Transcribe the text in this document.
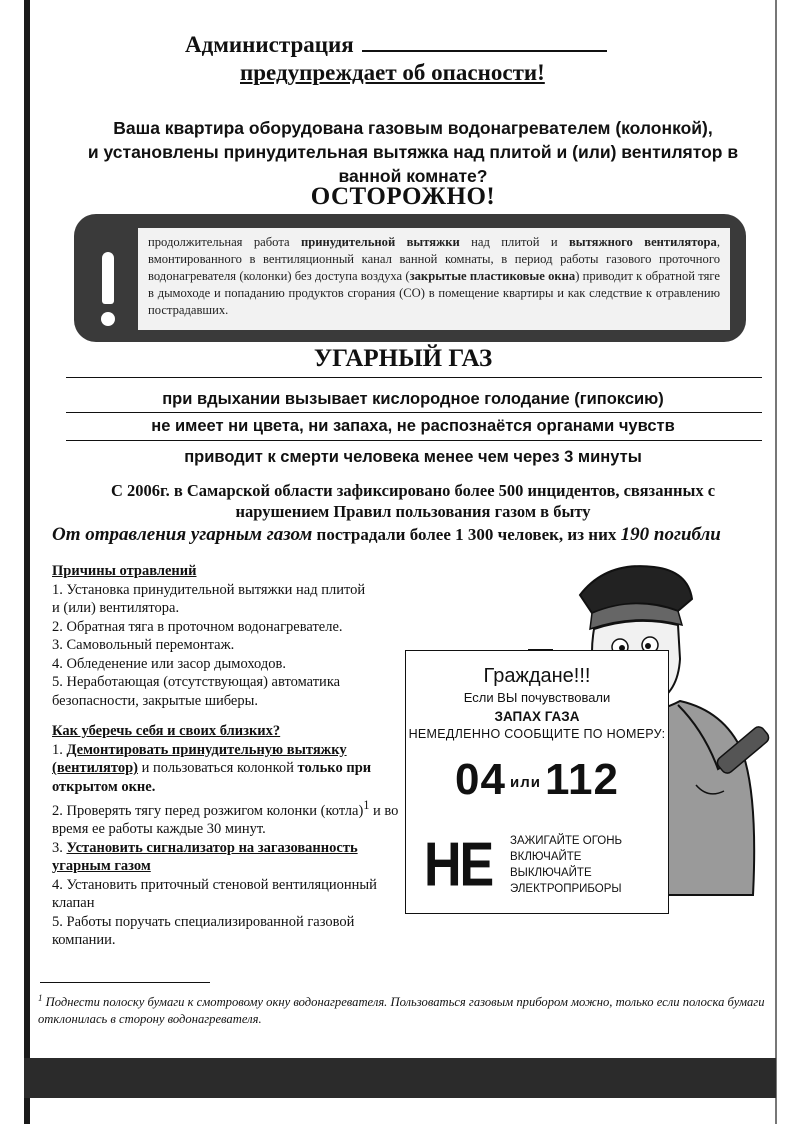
Администрация
предупреждает об опасности!
Ваша квартира оборудована газовым водонагревателем (колонкой),
и установлены принудительная вытяжка над плитой и (или) вентилятор в
ванной комнате?
ОСТОРОЖНО!
продолжительная работа принудительной вытяжки над плитой и вытяжного вентилятора, вмонтированного в вентиляционный канал ванной комнаты, в период работы газового проточного водонагревателя (колонки) без доступа воздуха (закрытые пластиковые окна) приводит к обратной тяге в дымоходе и попаданию продуктов сгорания (СО) в помещение квартиры и как следствие к отравлению пострадавших.
УГАРНЫЙ ГАЗ
при вдыхании вызывает кислородное голодание (гипоксию)
не имеет ни цвета, ни запаха, не распознаётся органами чувств
приводит к смерти человека менее чем через 3 минуты
С 2006г. в Самарской области зафиксировано более 500 инцидентов, связанных с
нарушением Правил пользования газом в быту
От отравления угарным газом пострадали более 1 300 человек, из них 190 погибли
Причины отравлений
1. Установка принудительной вытяжки над плитой
и (или) вентилятора.
2. Обратная тяга в проточном водонагревателе.
3. Самовольный перемонтаж.
4. Обледенение или засор дымоходов.
5. Неработающая (отсутствующая) автоматика
безопасности, закрытые шиберы.
Как уберечь себя и своих близких?
1. Демонтировать принудительную вытяжку (вентилятор) и пользоваться колонкой только при открытом окне.
2. Проверять тягу перед розжигом колонки (котла)$^1$ и во время ее работы каждые 30 минут.
3. Установить сигнализатор на загазованность угарным газом
4. Установить приточный стеновой вентиляционный клапан
5. Работы поручать специализированной газовой компании.
Граждане!!!
Если ВЫ почувствовали
ЗАПАХ ГАЗА
НЕМЕДЛЕННО СООБЩИТЕ ПО НОМЕРУ:
04 или112
НЕ ЗАЖИГАЙТЕ ОГОНЬ
ВКЛЮЧАЙТЕ
ВЫКЛЮЧАЙТЕ
ЭЛЕКТРОПРИБОРЫ
$^1$ Поднести полоску бумаги к смотровому окну водонагревателя. Пользоваться газовым прибором можно, только если полоска бумаги отклонилась в сторону водонагревателя.
